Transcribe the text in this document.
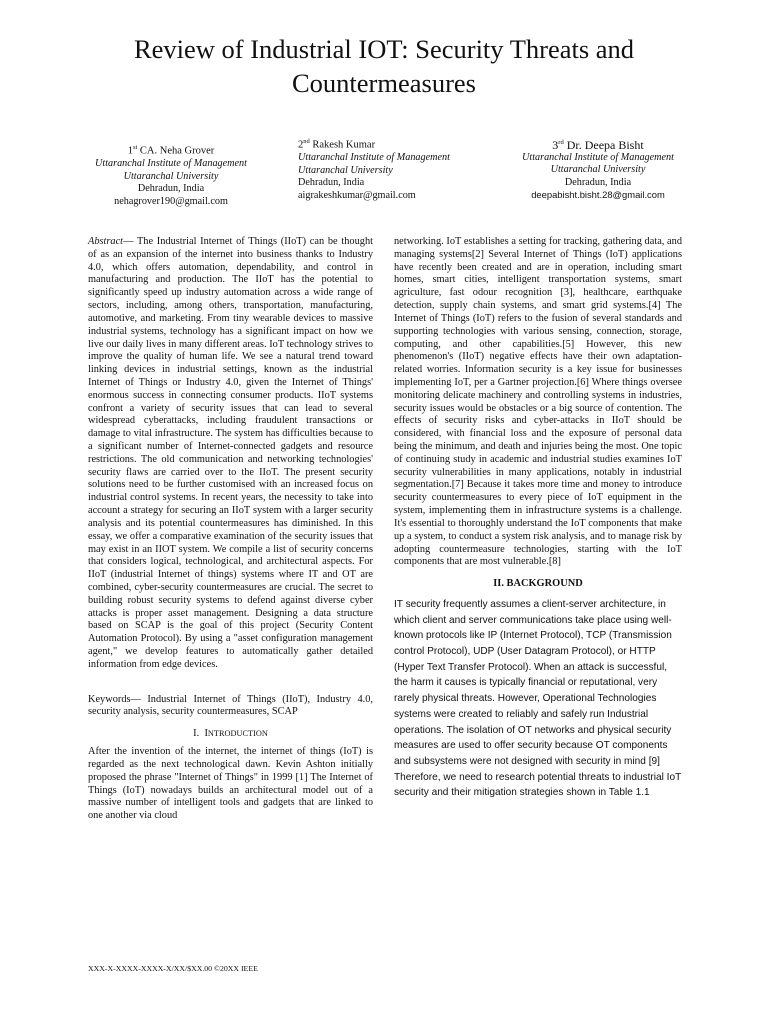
Review of Industrial IOT: Security Threats and Countermeasures
1st CA. Neha Grover
Uttaranchal Institute of Management
Uttaranchal University
Dehradun, India
nehagrover190@gmail.com
2nd Rakesh Kumar
Uttaranchal Institute of Management
Uttaranchal University
Dehradun, India
aigrakeshkumar@gmail.com
3rd Dr. Deepa Bisht
Uttaranchal Institute of Management
Uttaranchal University
Dehradun, India
deepabisht.bisht.28@gmail.com

Abstract— The Industrial Internet of Things (IIoT) can be thought of as an expansion of the internet into business thanks to Industry 4.0, which offers automation, dependability, and control in manufacturing and production. The IIoT has the potential to significantly speed up industry automation across a wide range of sectors, including, among others, transportation, manufacturing, automotive, and marketing. From tiny wearable devices to massive industrial systems, technology has a significant impact on how we live our daily lives in many different areas. IoT technology strives to improve the quality of human life. We see a natural trend toward linking devices in industrial settings, known as the industrial Internet of Things or Industry 4.0, given the Internet of Things' enormous success in connecting consumer products. IIoT systems confront a variety of security issues that can lead to several widespread cyberattacks, including fraudulent transactions or damage to vital infrastructure. The system has difficulties because to a significant number of Internet-connected gadgets and resource restrictions. The old communication and networking technologies' security flaws are carried over to the IIoT. The present security solutions need to be further customised with an increased focus on industrial control systems. In recent years, the necessity to take into account a strategy for securing an IIoT system with a larger security analysis and its potential countermeasures has diminished. In this essay, we offer a comparative examination of the security issues that may exist in an IIOT system. We compile a list of security concerns that considers logical, technological, and architectural aspects. For IIoT (industrial Internet of things) systems where IT and OT are combined, cyber-security countermeasures are crucial. The secret to building robust security systems to defend against diverse cyber attacks is proper asset management. Designing a data structure based on SCAP is the goal of this project (Security Content Automation Protocol). By using a "asset configuration management agent," we develop features to automatically gather detailed information from edge devices.

Keywords— Industrial Internet of Things (IIoT), Industry 4.0, security analysis, security countermeasures, SCAP

I. INTRODUCTION

After the invention of the internet, the internet of things (IoT) is regarded as the next technological dawn. Kevin Ashton initially proposed the phrase "Internet of Things" in 1999 [1] The Internet of Things (IoT) nowadays builds an architectural model out of a massive number of intelligent tools and gadgets that are linked to one another via cloud

networking. IoT establishes a setting for tracking, gathering data, and managing systems[2] Several Internet of Things (IoT) applications have recently been created and are in operation, including smart homes, smart cities, intelligent transportation systems, smart agriculture, fast odour recognition [3], healthcare, earthquake detection, supply chain systems, and smart grid systems.[4] The Internet of Things (IoT) refers to the fusion of several standards and supporting technologies with various sensing, connection, storage, computing, and other capabilities.[5] However, this new phenomenon's (IIoT) negative effects have their own adaptation-related worries. Information security is a key issue for businesses implementing IoT, per a Gartner projection.[6] Where things oversee monitoring delicate machinery and controlling systems in industries, security issues would be obstacles or a big source of contention. The effects of security risks and cyber-attacks in IIoT should be considered, with financial loss and the exposure of personal data being the minimum, and death and injuries being the most. One topic of continuing study in academic and industrial studies examines IoT security vulnerabilities in many applications, notably in industrial segmentation.[7] Because it takes more time and money to introduce security countermeasures to every piece of IoT equipment in the system, implementing them in infrastructure systems is a challenge. It's essential to thoroughly understand the IoT components that make up a system, to conduct a system risk analysis, and to manage risk by adopting countermeasure technologies, starting with the IoT components that are most vulnerable.[8]

II. BACKGROUND

IT security frequently assumes a client-server architecture, in which client and server communications take place using well-known protocols like IP (Internet Protocol), TCP (Transmission control Protocol), UDP (User Datagram Protocol), or HTTP (Hyper Text Transfer Protocol). When an attack is successful, the harm it causes is typically financial or reputational, very rarely physical threats. However, Operational Technologies systems were created to reliably and safely run Industrial operations. The isolation of OT networks and physical security measures are used to offer security because OT components and subsystems were not designed with security in mind [9] Therefore, we need to research potential threats to industrial IoT security and their mitigation strategies shown in Table 1.1

XXX-X-XXXX-XXXX-X/XX/$XX.00 ©20XX IEEE
